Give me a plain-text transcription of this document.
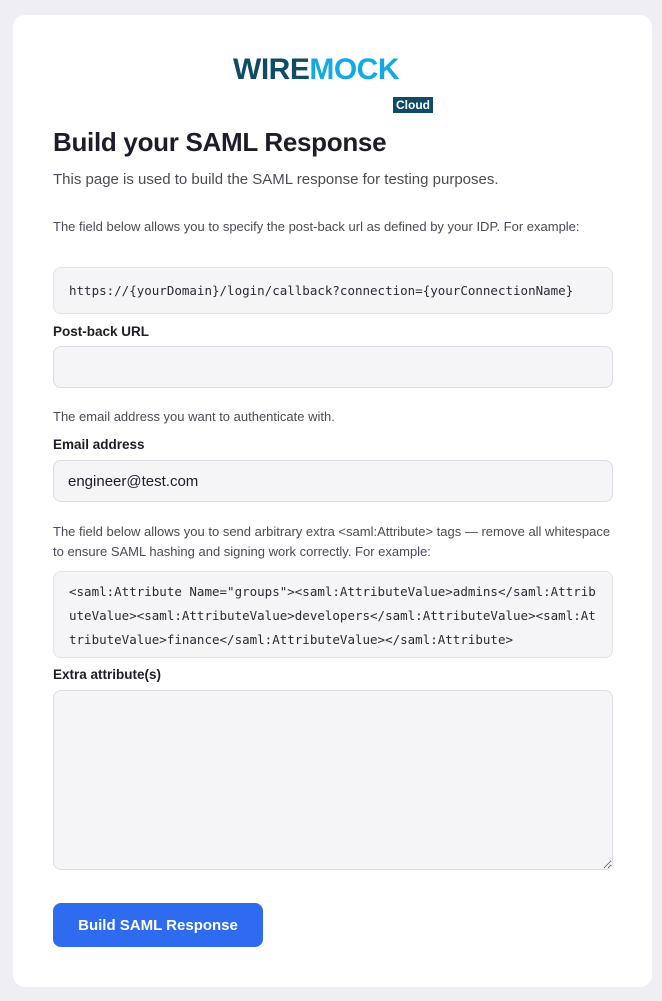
WIREMOCK
Cloud
Build your SAML Response
This page is used to build the SAML response for testing purposes.
The field below allows you to specify the post-back url as defined by your IDP. For example:
https://{yourDomain}/login/callback?connection={yourConnectionName}
Post-back URL
The email address you want to authenticate with.
Email address
engineer@test.com
The field below allows you to send arbitrary extra <saml:Attribute> tags — remove all whitespace to ensure SAML hashing and signing work correctly. For example:
<saml:Attribute Name="groups"><saml:AttributeValue>admins</saml:AttributeValue><saml:AttributeValue>developers</saml:AttributeValue><saml:AttributeValue>finance</saml:AttributeValue></saml:Attribute>
Extra attribute(s)
Build SAML Response
